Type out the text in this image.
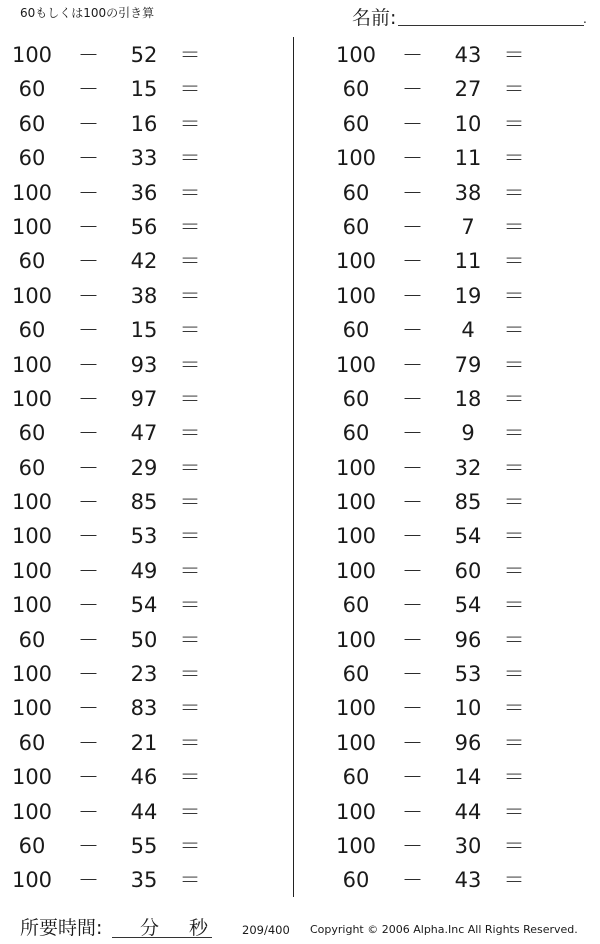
60もしくは100の引き算	名前:	.
100 －	52	＝
60	－	15	＝
60	－	16	＝
60	－	33	＝
100 －	36	＝
100 －	56	＝
60	－	42	＝
100 －	38	＝
60	－	15	＝
100 －	93	＝
100 －	97	＝
60	－	47	＝
60	－	29	＝
100 －	85	＝
100 －	53	＝
100 －	49	＝
100 －	54	＝
60	－	50	＝
100 －	23	＝
100 －	83	＝
60	－	21	＝
100 －	46	＝
100 －	44	＝
60	－	55	＝
100 －	35	＝
100 －	43	＝
60	－	27	＝
60	－	10	＝
100 －	11	＝
60	－	38	＝
60	－	7	＝
100 －	11	＝
100 －	19	＝
60	－	4	＝
100 －	79	＝
60	－	18	＝
60	－	9	＝
100 －	32	＝
100 －	85	＝
100 －	54	＝
100 －	60	＝
60	－	54	＝
100 －	96	＝
60	－	53	＝
100 －	10	＝
100 －	96	＝
60	－	14	＝
100 －	44	＝
100 －	30	＝
60	－	43	＝
所要時間: 分 秒	209/400 Copyright © 2006 Alpha.Inc All Rights Reserved.
